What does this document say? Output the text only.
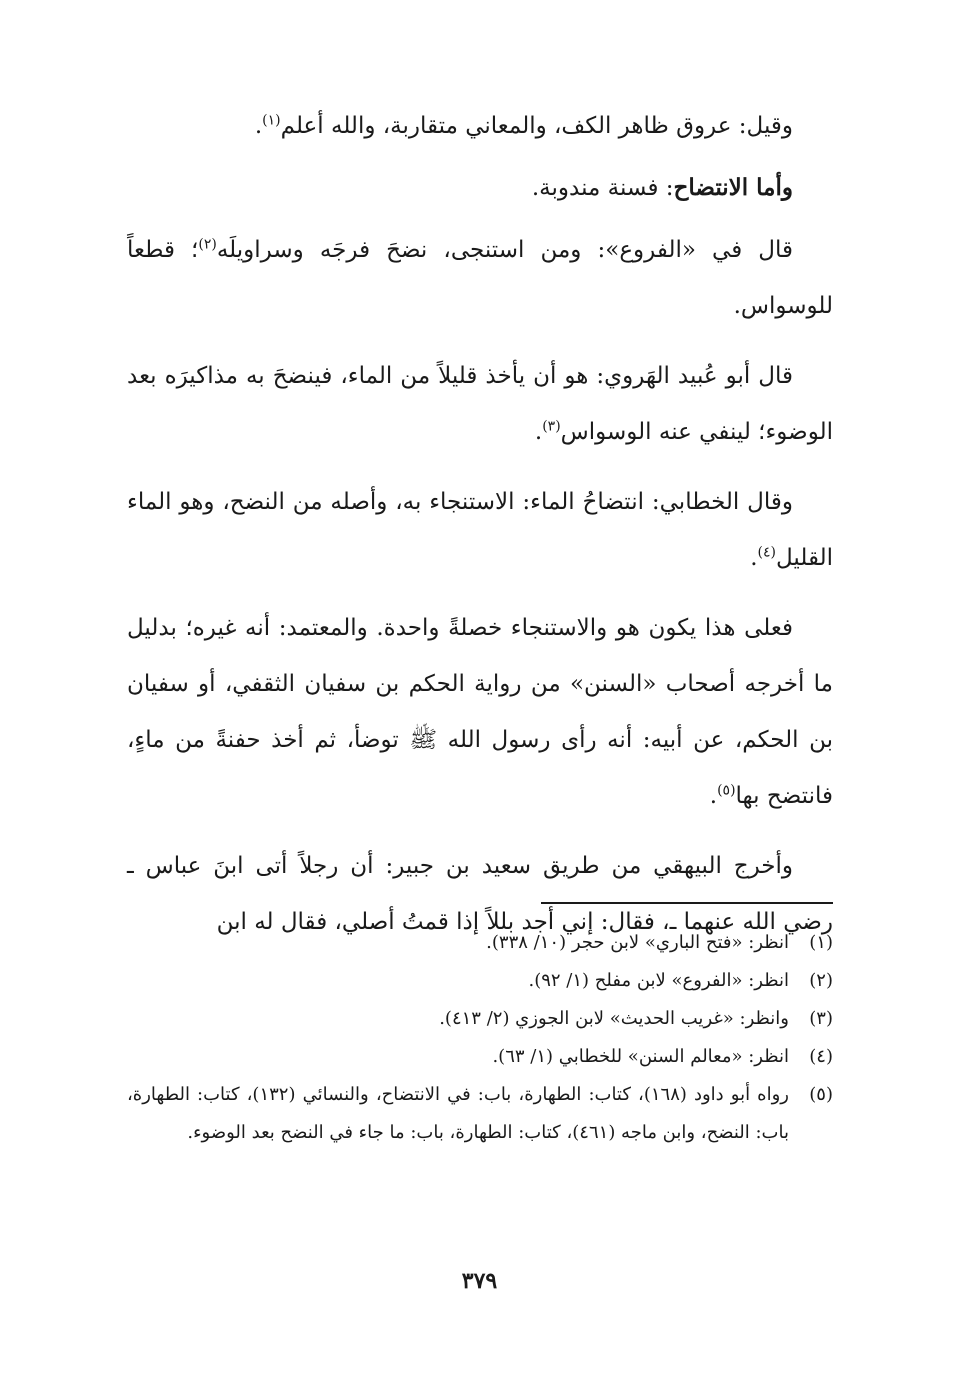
وقيل: عروق ظاهر الكف، والمعاني متقاربة، والله أعلم$^{(١)}$.

وأما الانتضاح: فسنة مندوبة.

قال في «الفروع»: ومن استنجى، نضحَ فرجَه وسراويلَه$^{(٢)}$؛ قطعاً للوسواس.

قال أبو عُبيد الهَروي: هو أن يأخذ قليلاً من الماء، فينضحَ به مذاكيرَه بعد الوضوء؛ لينفي عنه الوسواس$^{(٣)}$.

وقال الخطابي: انتضاحُ الماء: الاستنجاء به، وأصله من النضح، وهو الماء القليل$^{(٤)}$.

فعلى هذا يكون هو والاستنجاء خصلةً واحدة. والمعتمد: أنه غيره؛ بدليل ما أخرجه أصحاب «السنن» من رواية الحكم بن سفيان الثقفي، أو سفيان بن الحكم، عن أبيه: أنه رأى رسول الله ﷺ توضأ، ثم أخذ حفنةً من ماءٍ، فانتضح بها$^{(٥)}$.

وأخرج البيهقي من طريق سعيد بن جبير: أن رجلاً أتى ابنَ عباس ـ رضي الله عنهما ـ، فقال: إني أجد بللاً إذا قمتُ أصلي، فقال له ابن

(١)
انظر: «فتح الباري» لابن حجر (١٠/ ٣٣٨).
(٢)
انظر: «الفروع» لابن مفلح (١/ ٩٢).
(٣)
وانظر: «غريب الحديث» لابن الجوزي (٢/ ٤١٣).
(٤)
انظر: «معالم السنن» للخطابي (١/ ٦٣).
(٥)
رواه أبو داود (١٦٨)، كتاب: الطهارة، باب: في الانتضاح، والنسائي (١٣٢)، كتاب: الطهارة، باب: النضح، وابن ماجه (٤٦١)، كتاب: الطهارة، باب: ما جاء في النضح بعد الوضوء.
٣٧٩
